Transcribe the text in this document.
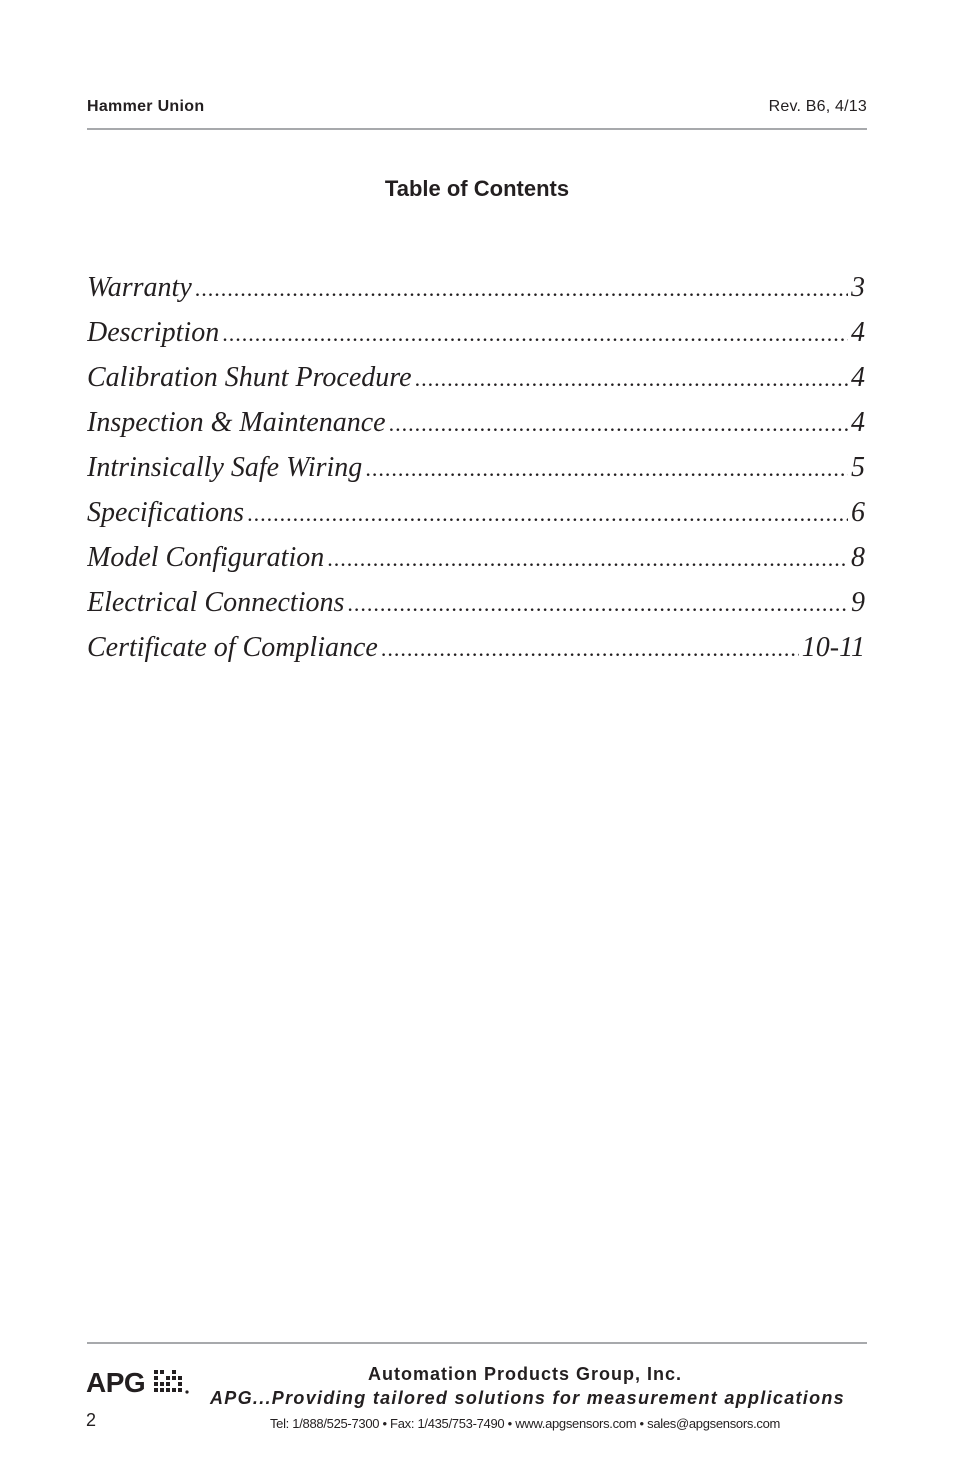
Hammer Union	Rev. B6, 4/13
Table of Contents
Warranty .....	3
Description .....	4
Calibration Shunt Procedure .....	4
Inspection & Maintenance .....	4
Intrinsically Safe Wiring .....	5
Specifications .....	6
Model Configuration .....	8
Electrical Connections .....	9
Certificate of Compliance .....	10-11
APG	Automation Products Group, Inc.
APG...Providing tailored solutions for measurement applications
Tel: 1/888/525-7300 • Fax: 1/435/753-7490 • www.apgsensors.com • sales@apgsensors.com
2
